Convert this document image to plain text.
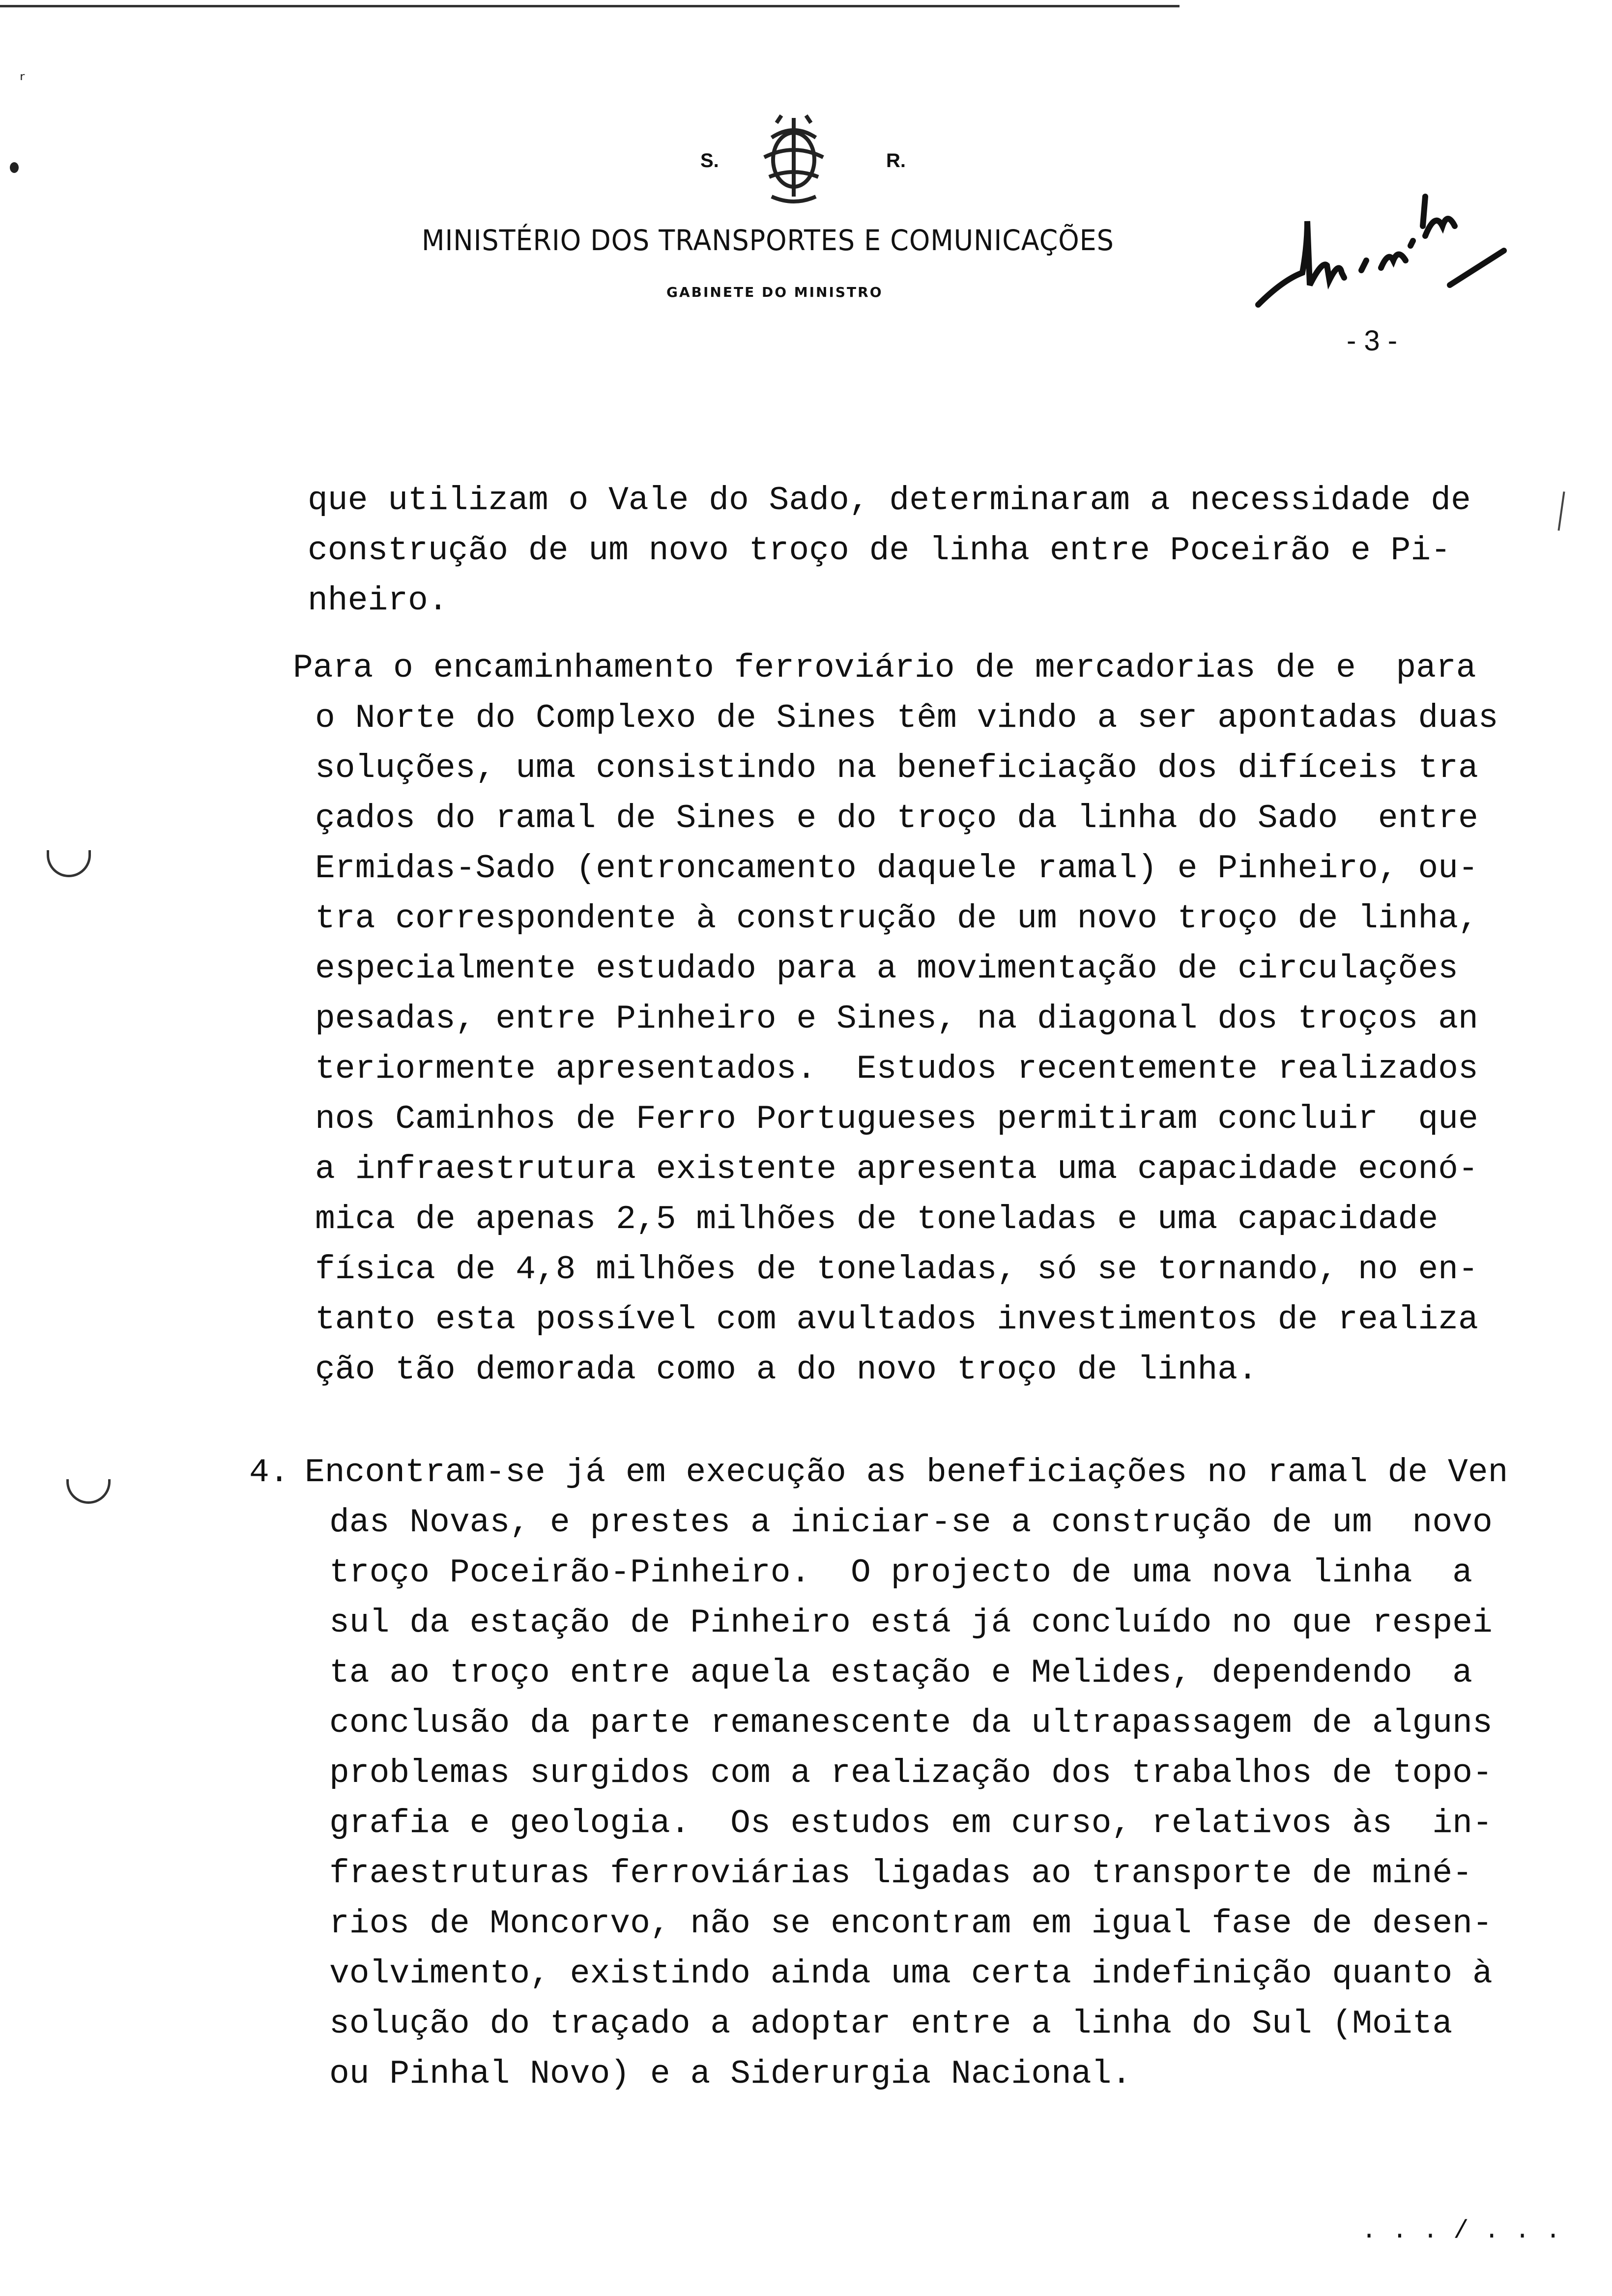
ʳ
S.	R.
MINISTÉRIO DOS TRANSPORTES E COMUNICAÇÕES
GABINETE DO MINISTRO
- 3 -
que utilizam o Vale do Sado, determinaram a necessidade de
construção de um novo troço de linha entre Poceirão e Pi-
nheiro.
Para o encaminhamento ferroviário de mercadorias de e  para
o Norte do Complexo de Sines têm vindo a ser apontadas duas
soluções, uma consistindo na beneficiação dos difíceis tra
çados do ramal de Sines e do troço da linha do Sado  entre
Ermidas-Sado (entroncamento daquele ramal) e Pinheiro, ou-
tra correspondente à construção de um novo troço de linha,
especialmente estudado para a movimentação de circulações
pesadas, entre Pinheiro e Sines, na diagonal dos troços an
teriormente apresentados.  Estudos recentemente realizados
nos Caminhos de Ferro Portugueses permitiram concluir  que
a infraestrutura existente apresenta uma capacidade econó-
mica de apenas 2,5 milhões de toneladas e uma capacidade
física de 4,8 milhões de toneladas, só se tornando, no en-
tanto esta possível com avultados investimentos de realiza
ção tão demorada como a do novo troço de linha.
4. Encontram-se já em execução as beneficiações no ramal de Ven
das Novas, e prestes a iniciar-se a construção de um  novo
troço Poceirão-Pinheiro.  O projecto de uma nova linha  a
sul da estação de Pinheiro está já concluído no que respei
ta ao troço entre aquela estação e Melides, dependendo  a
conclusão da parte remanescente da ultrapassagem de alguns
problemas surgidos com a realização dos trabalhos de topo-
grafia e geologia.  Os estudos em curso, relativos às  in-
fraestruturas ferroviárias ligadas ao transporte de miné-
rios de Moncorvo, não se encontram em igual fase de desen-
volvimento, existindo ainda uma certa indefinição quanto à
solução do traçado a adoptar entre a linha do Sul (Moita
ou Pinhal Novo) e a Siderurgia Nacional.
. . . / . . .
